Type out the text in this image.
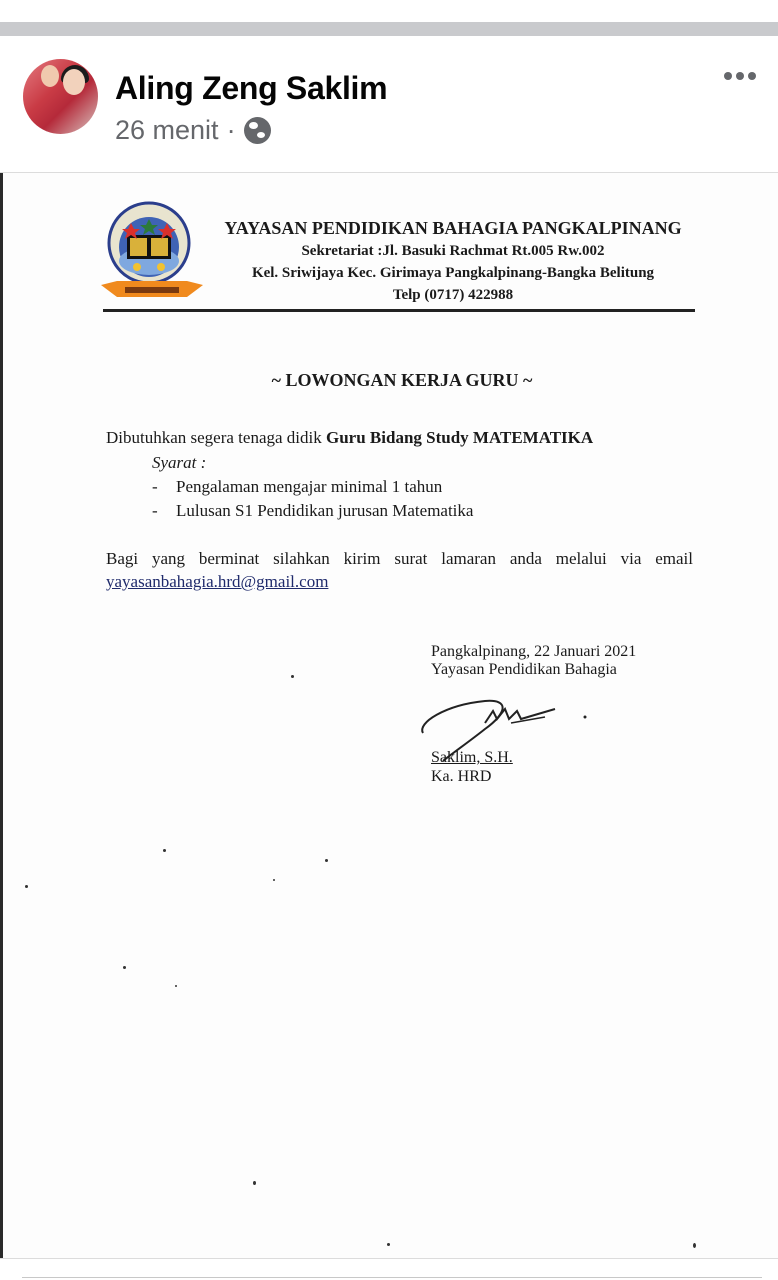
Aling Zeng Saklim
26 menit ·
YAYASAN PENDIDIKAN BAHAGIA PANGKALPINANG
Sekretariat :Jl. Basuki Rachmat Rt.005 Rw.002
Kel. Sriwijaya Kec. Girimaya Pangkalpinang-Bangka Belitung
Telp (0717) 422988
~ LOWONGAN KERJA GURU ~
Dibutuhkan segera tenaga didik Guru Bidang Study MATEMATIKA
Syarat :
- Pengalaman mengajar minimal 1 tahun
- Lulusan S1 Pendidikan jurusan Matematika
Bagi yang berminat silahkan kirim surat lamaran anda melalui via email
yayasanbahagia.hrd@gmail.com
Pangkalpinang, 22 Januari 2021
Yayasan Pendidikan Bahagia
Saklim, S.H.
Ka. HRD
